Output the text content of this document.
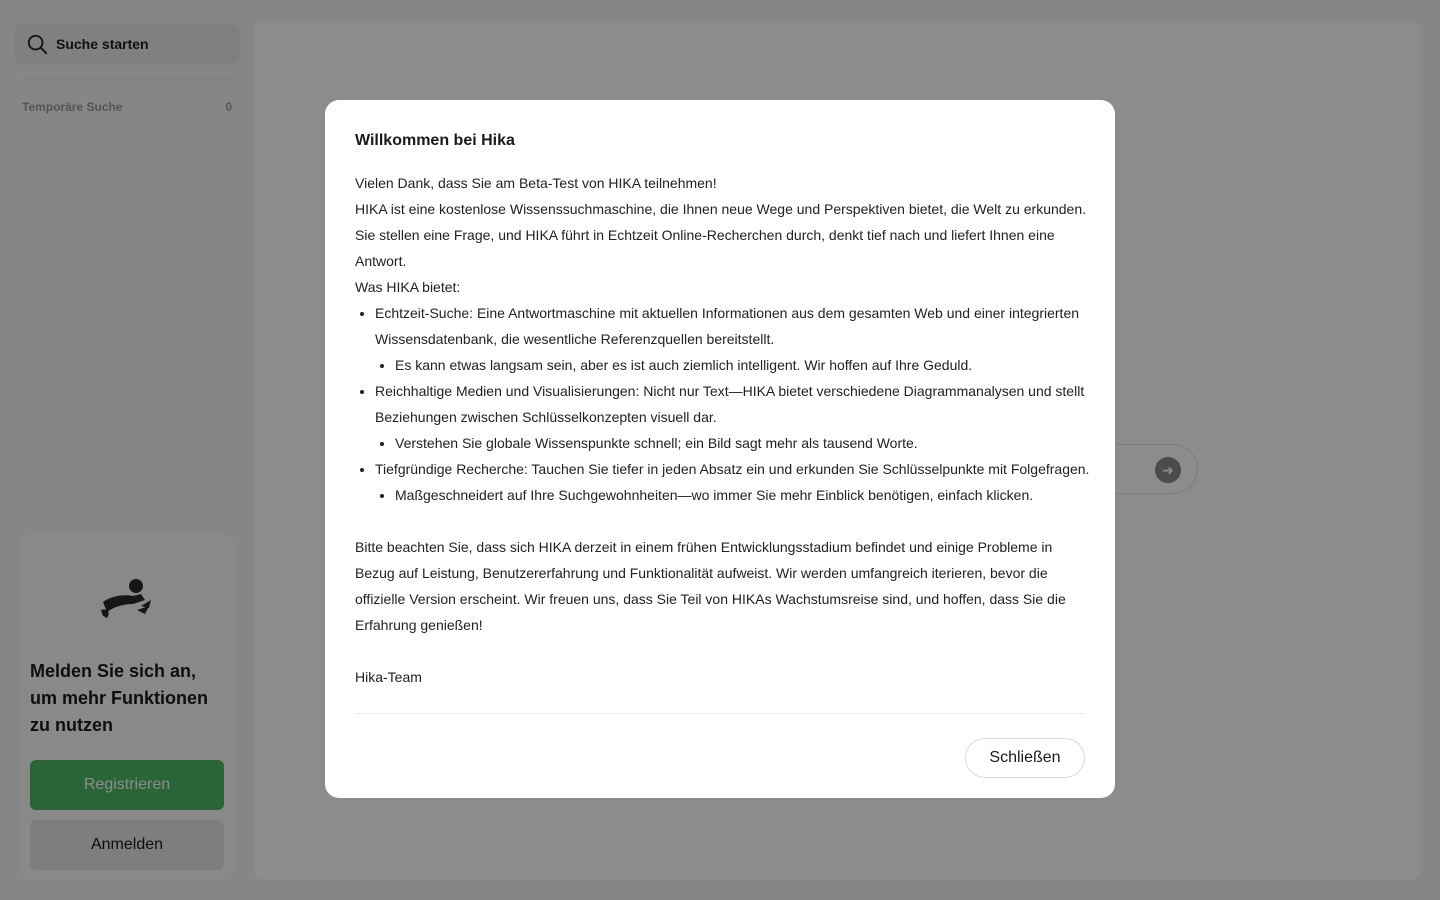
Suche starten
Temporäre Suche	0
Melden Sie sich an, um mehr Funktionen zu nutzen
Registrieren
Anmelden
➜
Willkommen bei Hika

Vielen Dank, dass Sie am Beta-Test von HIKA teilnehmen!

HIKA ist eine kostenlose Wissenssuchmaschine, die Ihnen neue Wege und Perspektiven bietet, die Welt zu erkunden.

Sie stellen eine Frage, und HIKA führt in Echtzeit Online-Recherchen durch, denkt tief nach und liefert Ihnen eine Antwort.

Was HIKA bietet:

• Echtzeit-Suche: Eine Antwortmaschine mit aktuellen Informationen aus dem gesamten Web und einer integrierten Wissensdatenbank, die wesentliche Referenzquellen bereitstellt.
• Es kann etwas langsam sein, aber es ist auch ziemlich intelligent. Wir hoffen auf Ihre Geduld.
• Reichhaltige Medien und Visualisierungen: Nicht nur Text—HIKA bietet verschiedene Diagrammanalysen und stellt Beziehungen zwischen Schlüsselkonzepten visuell dar.
• Verstehen Sie globale Wissenspunkte schnell; ein Bild sagt mehr als tausend Worte.
• Tiefgründige Recherche: Tauchen Sie tiefer in jeden Absatz ein und erkunden Sie Schlüsselpunkte mit Folgefragen.
• Maßgeschneidert auf Ihre Suchgewohnheiten—wo immer Sie mehr Einblick benötigen, einfach klicken.

Bitte beachten Sie, dass sich HIKA derzeit in einem frühen Entwicklungsstadium befindet und einige Probleme in Bezug auf Leistung, Benutzererfahrung und Funktionalität aufweist. Wir werden umfangreich iterieren, bevor die offizielle Version erscheint. Wir freuen uns, dass Sie Teil von HIKAs Wachstumsreise sind, und hoffen, dass Sie die Erfahrung genießen!

Hika-Team

Schließen
